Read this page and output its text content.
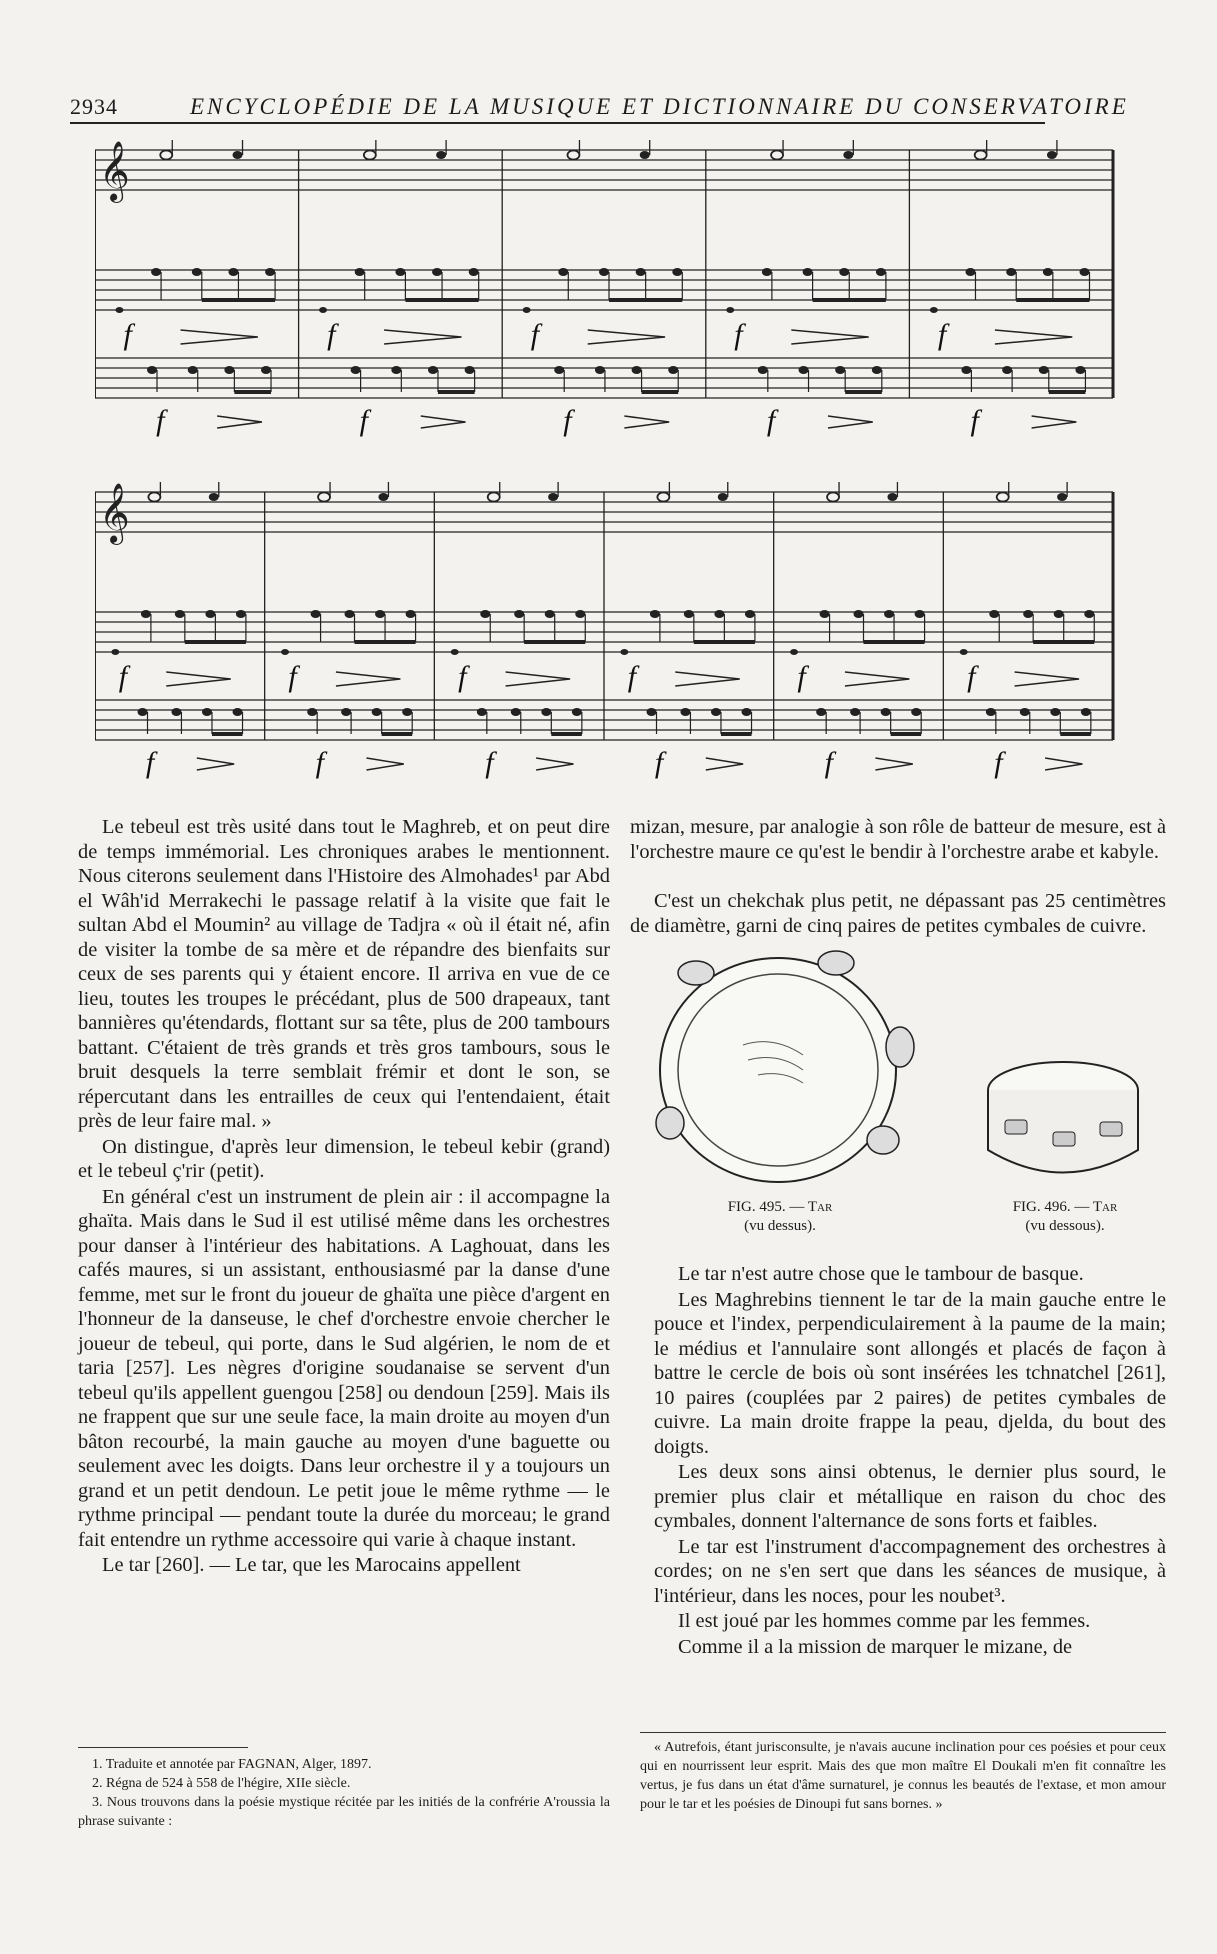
2934	ENCYCLOPÉDIE DE LA MUSIQUE ET DICTIONNAIRE DU CONSERVATOIRE
𝄞
f
f
f
f
f
f
f
f
f
f
𝄞
f
f
f
f
f
f
f
f
f
f
f
f

Le tebeul est très usité dans tout le Maghreb, et on peut dire de temps immémorial. Les chroniques arabes le mentionnent. Nous citerons seulement dans l'Histoire des Almohades¹ par Abd el Wâh'id Merrakechi le passage relatif à la visite que fait le sultan Abd el Moumin² au village de Tadjra « où il était né, afin de visiter la tombe de sa mère et de répandre des bienfaits sur ceux de ses parents qui y étaient encore. Il arriva en vue de ce lieu, toutes les troupes le précédant, plus de 500 drapeaux, tant bannières qu'étendards, flottant sur sa tête, plus de 200 tambours battant. C'étaient de très grands et très gros tambours, sous le bruit desquels la terre semblait frémir et dont le son, se répercutant dans les entrailles de ceux qui l'entendaient, était près de leur faire mal. »

On distingue, d'après leur dimension, le tebeul kebir (grand) et le tebeul ç'rir (petit).

En général c'est un instrument de plein air : il accompagne la ghaïta. Mais dans le Sud il est utilisé même dans les orchestres pour danser à l'intérieur des habitations. A Laghouat, dans les cafés maures, si un assistant, enthousiasmé par la danse d'une femme, met sur le front du joueur de ghaïta une pièce d'argent en l'honneur de la danseuse, le chef d'orchestre envoie chercher le joueur de tebeul, qui porte, dans le Sud algérien, le nom de et taria [257]. Les nègres d'origine soudanaise se servent d'un tebeul qu'ils appellent guengou [258] ou dendoun [259]. Mais ils ne frappent que sur une seule face, la main droite au moyen d'un bâton recourbé, la main gauche au moyen d'une baguette ou seulement avec les doigts. Dans leur orchestre il y a toujours un grand et un petit dendoun. Le petit joue le même rythme — le rythme principal — pendant toute la durée du morceau; le grand fait entendre un rythme accessoire qui varie à chaque instant.

Le tar [260]. — Le tar, que les Marocains appellent

1. Traduite et annotée par FAGNAN, Alger, 1897.

2. Régna de 524 à 558 de l'hégire, XIIe siècle.

3. Nous trouvons dans la poésie mystique récitée par les initiés de la confrérie A'roussia la phrase suivante :

mizan, mesure, par analogie à son rôle de batteur de mesure, est à l'orchestre maure ce qu'est le bendir à l'orchestre arabe et kabyle.

C'est un chekchak plus petit, ne dépassant pas 25 centimètres de diamètre, garni de cinq paires de petites cymbales de cuivre.

FIG. 495. — Tar
(vu dessus).
FIG. 496. — Tar
(vu dessous).

Le tar n'est autre chose que le tambour de basque.

Les Maghrebins tiennent le tar de la main gauche entre le pouce et l'index, perpendiculairement à la paume de la main; le médius et l'annulaire sont allongés et placés de façon à battre le cercle de bois où sont insérées les tchnatchel [261], 10 paires (couplées par 2 paires) de petites cymbales de cuivre. La main droite frappe la peau, djelda, du bout des doigts.

Les deux sons ainsi obtenus, le dernier plus sourd, le premier plus clair et métallique en raison du choc des cymbales, donnent l'alternance de sons forts et faibles.

Le tar est l'instrument d'accompagnement des orchestres à cordes; on ne s'en sert que dans les séances de musique, à l'intérieur, dans les noces, pour les noubet³.

Il est joué par les hommes comme par les femmes.

Comme il a la mission de marquer le mizane, de

« Autrefois, étant jurisconsulte, je n'avais aucune inclination pour ces poésies et pour ceux qui en nourrissent leur esprit. Mais des que mon maître El Doukali m'en fit connaître les vertus, je fus dans un état d'âme surnaturel, je connus les beautés de l'extase, et mon amour pour le tar et les poésies de Dinoupi fut sans bornes. »
